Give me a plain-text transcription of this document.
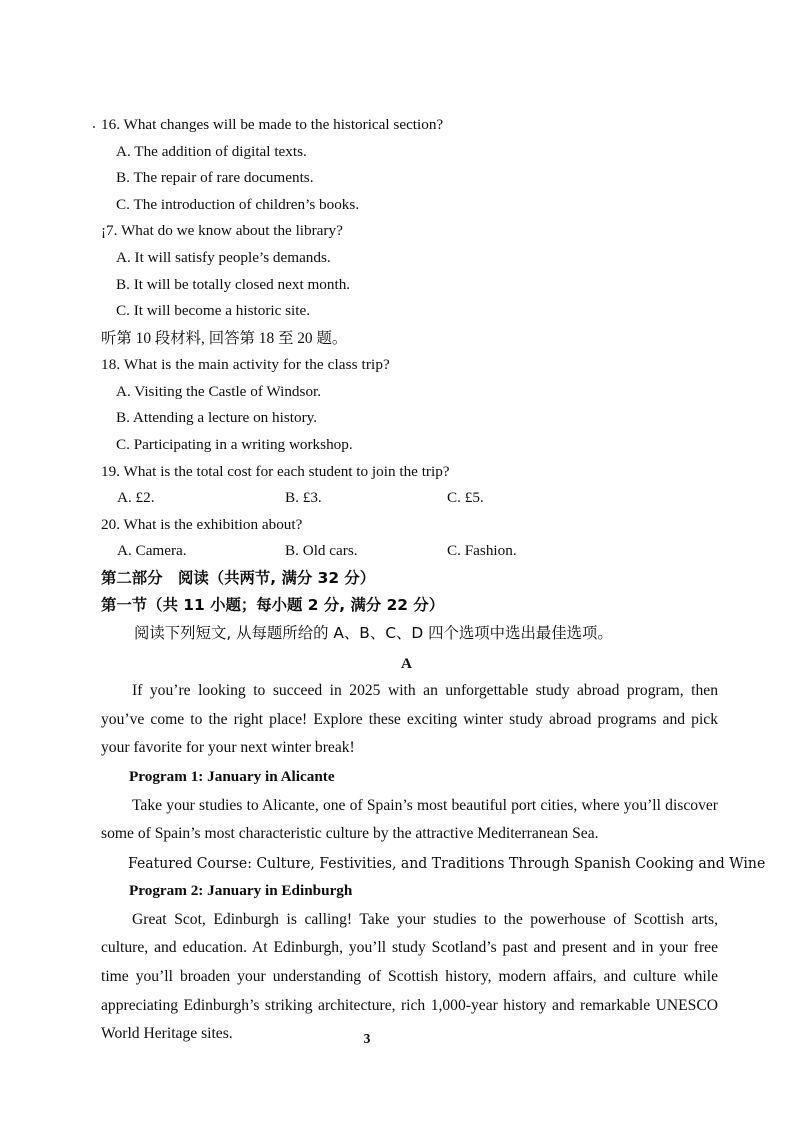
16. What changes will be made to the historical section?
A. The addition of digital texts.
B. The repair of rare documents.
C. The introduction of children’s books.
¡7. What do we know about the library?
A. It will satisfy people’s demands.
B. It will be totally closed next month.
C. It will become a historic site.
听第 10 段材料, 回答第 18 至 20 题。
18. What is the main activity for the class trip?
A. Visiting the Castle of Windsor.
B. Attending a lecture on history.
C. Participating in a writing workshop.
19. What is the total cost for each student to join the trip?
A. £2.	B. £3.	C. £5.
20. What is the exhibition about?
A. Camera.	B. Old cars.	C. Fashion.
第二部分　阅读（共两节, 满分 32 分）
第一节（共 11 小题；每小题 2 分, 满分 22 分）
阅读下列短文, 从每题所给的 A、B、C、D 四个选项中选出最佳选项。
A

If you’re looking to succeed in 2025 with an unforgettable study abroad program, then you’ve come to the right place! Explore these exciting winter study abroad programs and pick your favorite for your next winter break!

Program 1: January in Alicante

Take your studies to Alicante, one of Spain’s most beautiful port cities, where you’ll discover some of Spain’s most characteristic culture by the attractive Mediterranean Sea.

Featured Course: Culture, Festivities, and Traditions Through Spanish Cooking and Wine
Program 2: January in Edinburgh

Great Scot, Edinburgh is calling! Take your studies to the powerhouse of Scottish arts, culture, and education. At Edinburgh, you’ll study Scotland’s past and present and in your free time you’ll broaden your understanding of Scottish history, modern affairs, and culture while appreciating Edinburgh’s striking architecture, rich 1,000-year history and remarkable UNESCO World Heritage sites.	3
